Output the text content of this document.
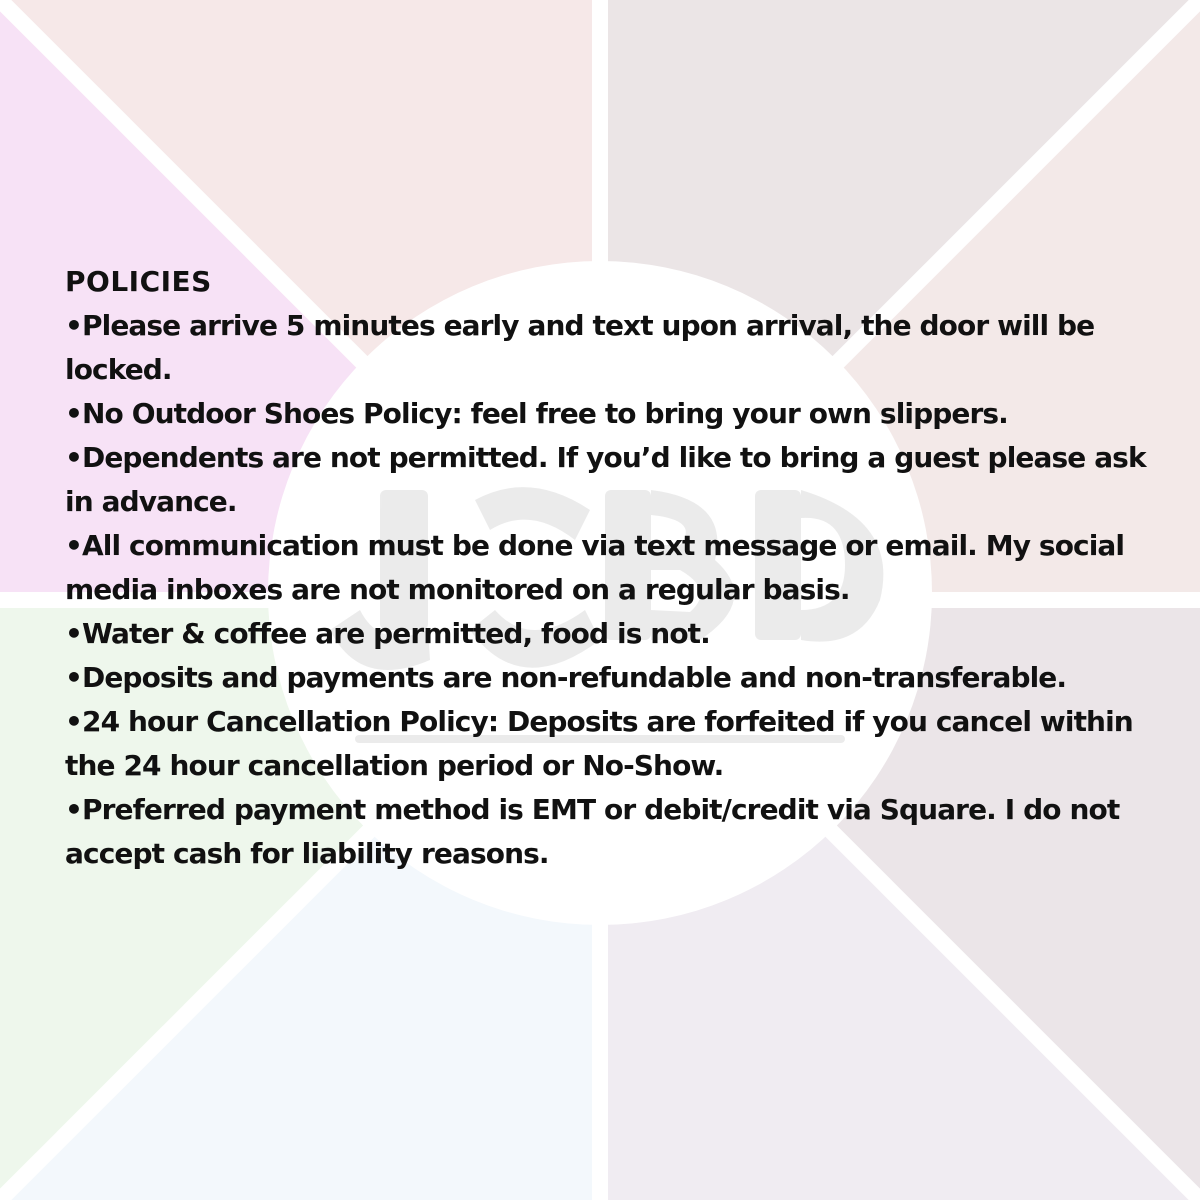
POLICIES
•Please arrive 5 minutes early and text upon arrival, the door will be locked.
•No Outdoor Shoes Policy: feel free to bring your own slippers.
•Dependents are not permitted. If you’d like to bring a guest please ask in advance.
•All communication must be done via text message or email. My social media inboxes are not monitored on a regular basis.
•Water & coffee are permitted, food is not.
•Deposits and payments are non-refundable and non-transferable.
•24 hour Cancellation Policy: Deposits are forfeited if you cancel within the 24 hour cancellation period or No-Show.
•Preferred payment method is EMT or debit/credit via Square. I do not accept cash for liability reasons.
